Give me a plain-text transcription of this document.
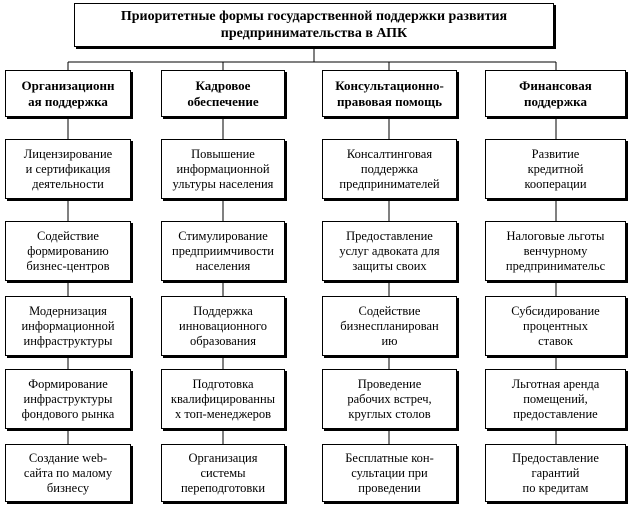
Приоритетные формы государственной поддержки развития
предпринимательства в АПК
Организационн
ая поддержка
Кадровое
обеспечение
Консультационно-
правовая помощь
Финансовая
поддержка
Лицензирование
и сертификация
деятельности
Содействие
формированию
бизнес-центров
Модернизация
информационной
инфраструктуры
Формирование
инфраструктуры
фондового рынка
Создание web-
сайта по малому
бизнесу
Повышение
информационной
ультуры населения
Стимулирование
предприимчивости
населения
Поддержка
инновационного
образования
Подготовка
квалифицированны
х топ-менеджеров
Организация
системы
переподготовки
Консалтинговая
поддержка
предпринимателей
Предоставление
услуг адвоката для
защиты своих
Содействие
бизнеспланирован
ию
Проведение
рабочих встреч,
круглых столов
Бесплатные кон-
сультации при
проведении
Развитие
кредитной
кооперации
Налоговые льготы
венчурному
предпринимательс
Субсидирование
процентных
ставок
Льготная аренда
помещений,
предоставление
Предоставление
гарантий
по кредитам
